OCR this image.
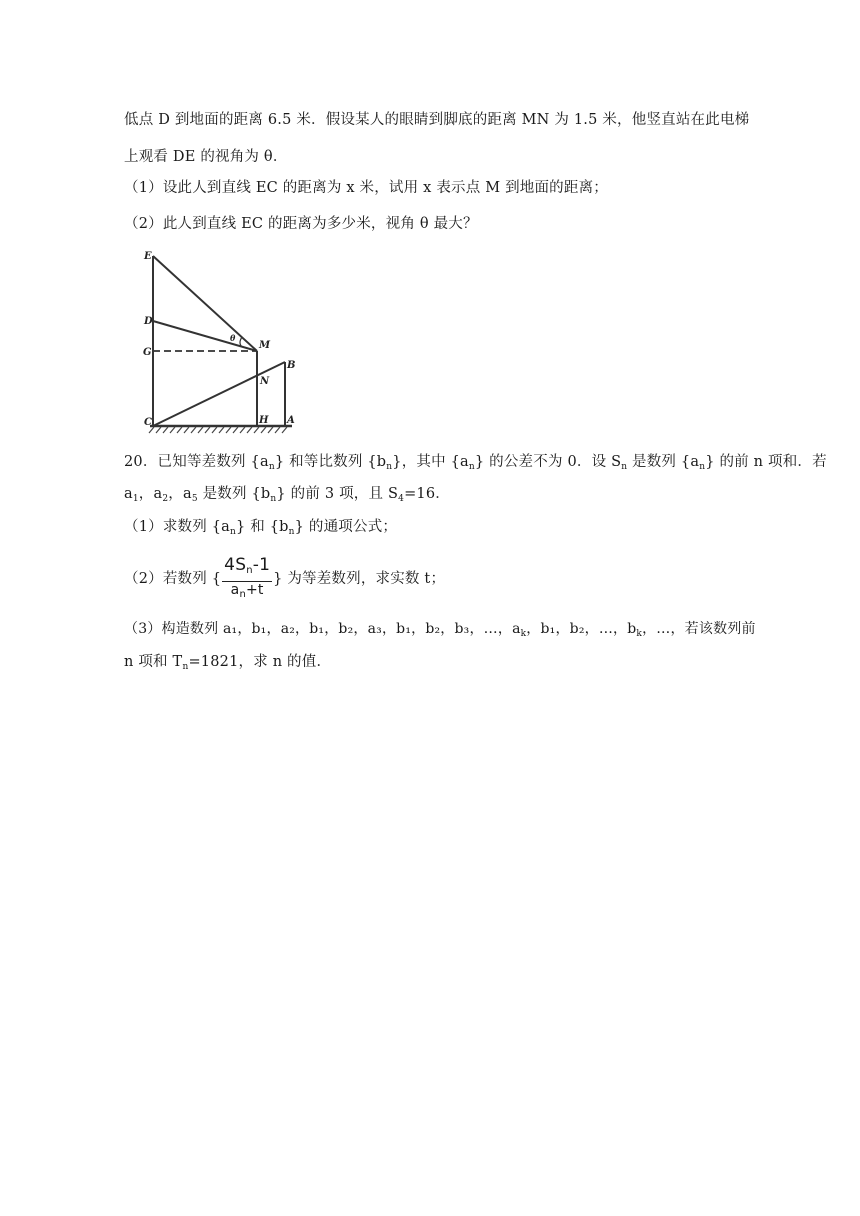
低点 D 到地面的距离 6.5 米．假设某人的眼睛到脚底的距离 MN 为 1.5 米，他竖直站在此电梯
上观看 DE 的视角为 θ．
（1）设此人到直线 EC 的距离为 x 米，试用 x 表示点 M 到地面的距离；
（2）此人到直线 EC 的距离为多少米，视角 θ 最大？
E
D
G
C
M
N
H A
B
θ
20．已知等差数列 $\{a_n\}$ 和等比数列 $\{b_n\}$，其中 $\{a_n\}$ 的公差不为 0．设 $S_n$ 是数列 $\{a_n\}$ 的前 n 项和．若
$a_1$，$a_2$，$a_5$ 是数列 $\{b_n\}$ 的前 3 项，且 $S_4=16$．
（1）求数列 $\{a_n\}$ 和 $\{b_n\}$ 的通项公式；
（2）若数列 { $\frac{4S_n-1}{a_n+t}$ } 为等差数列，求实数 t；
（3）构造数列 a₁，b₁，a₂，b₁，b₂，a₃，b₁，b₂，b₃，…，$a_k$，b₁，b₂，…，$b_k$，…，若该数列前
n 项和 $T_n=1821$，求 n 的值．
